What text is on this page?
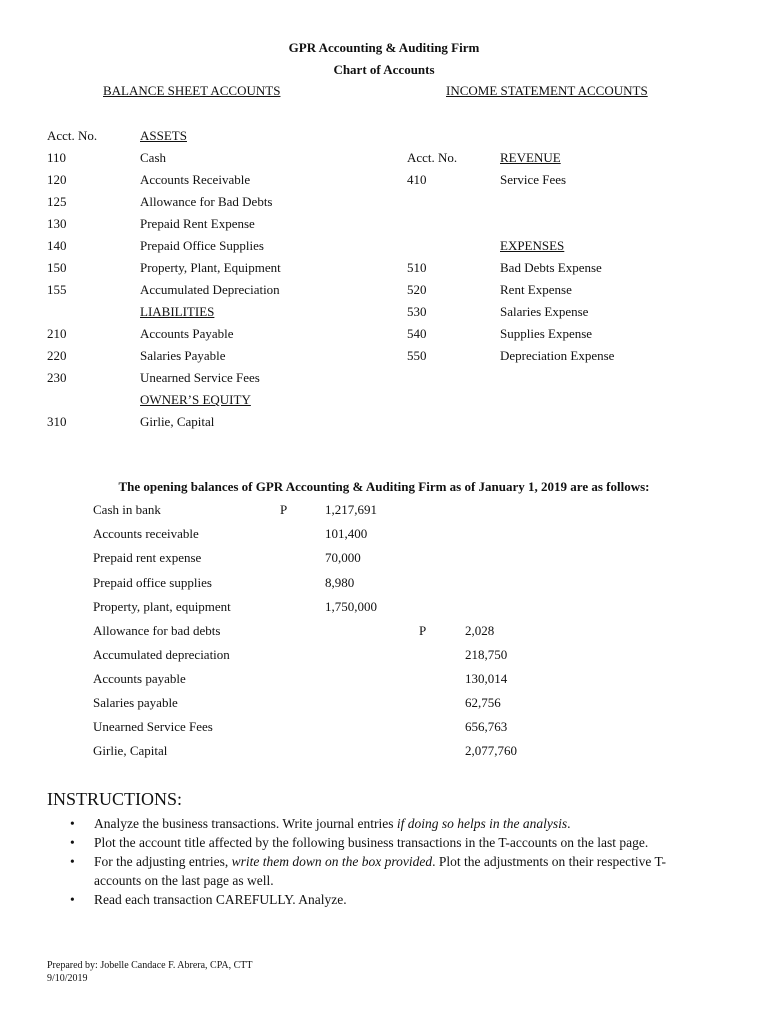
GPR Accounting & Auditing Firm
Chart of Accounts
BALANCE SHEET ACCOUNTS	INCOME STATEMENT ACCOUNTS
Acct. No.	ASSETS
110	Cash
120	Accounts Receivable
125	Allowance for Bad Debts
130	Prepaid Rent Expense
140	Prepaid Office Supplies
150	Property, Plant, Equipment
155	Accumulated Depreciation
LIABILITIES
210	Accounts Payable
220	Salaries Payable
230	Unearned Service Fees
OWNER’S EQUITY
310	Girlie, Capital
Acct. No.	REVENUE
410	Service Fees
EXPENSES
510	Bad Debts Expense
520	Rent Expense
530	Salaries Expense
540	Supplies Expense
550	Depreciation Expense
The opening balances of GPR Accounting & Auditing Firm as of January 1, 2019 are as follows:
Cash in bank	P	1,217,691
Accounts receivable	101,400
Prepaid rent expense	70,000
Prepaid office supplies	8,980
Property, plant, equipment	1,750,000
Allowance for bad debts	P	2,028
Accumulated depreciation	218,750
Accounts payable	130,014
Salaries payable	62,756
Unearned Service Fees	656,763
Girlie, Capital	2,077,760
INSTRUCTIONS:
• Analyze the business transactions. Write journal entries if doing so helps in the analysis.
• Plot the account title affected by the following business transactions in the T-accounts on the last page.
• For the adjusting entries, write them down on the box provided. Plot the adjustments on their respective T-accounts on the last page as well.
• Read each transaction CAREFULLY. Analyze.
Prepared by: Jobelle Candace F. Abrera, CPA, CTT
9/10/2019
